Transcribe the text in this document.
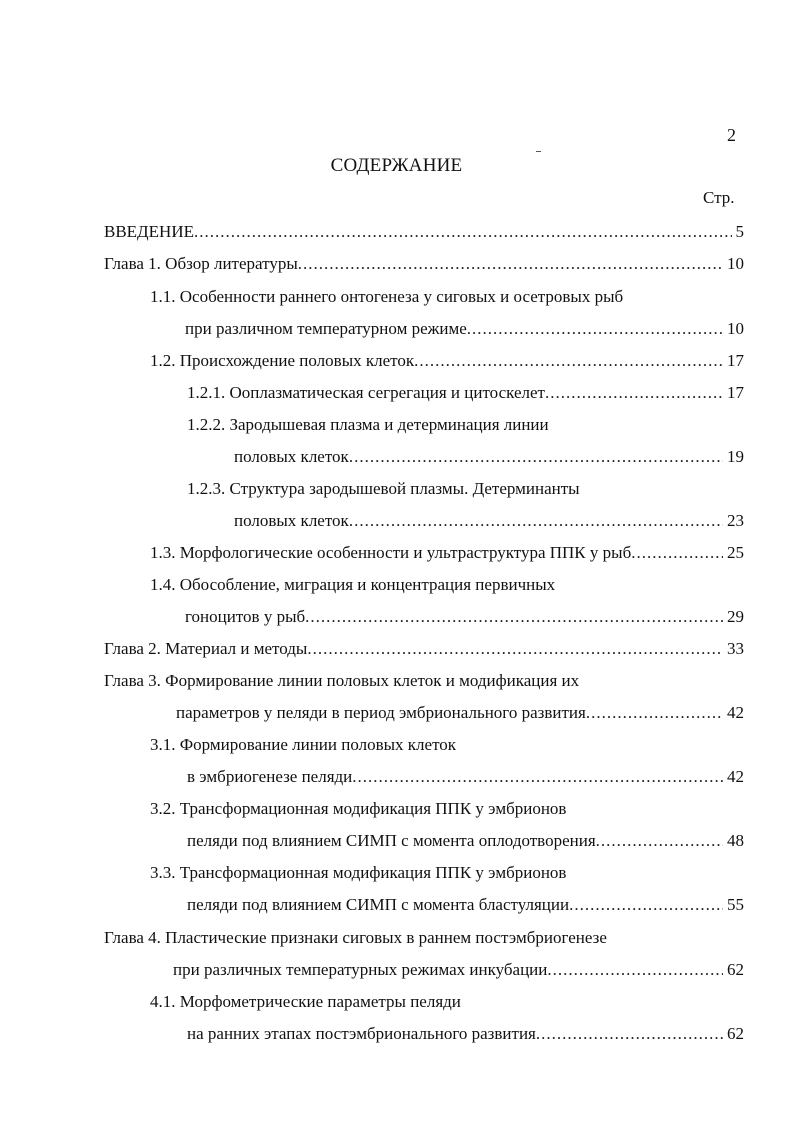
2
СОДЕРЖАНИЕ
Стр.
ВВЕДЕНИЕ .....	5
Глава 1. Обзор литературы .....	10
1.1. Особенности раннего онтогенеза у сиговых и осетровых рыб
при различном температурном режиме .....	10
1.2. Происхождение половых клеток .....	17
1.2.1. Ооплазматическая сегрегация и цитоскелет .....	17
1.2.2. Зародышевая плазма и детерминация линии
половых клеток .....	19
1.2.3. Структура зародышевой плазмы. Детерминанты
половых клеток .....	23
1.3. Морфологические особенности и ультраструктура ППК у рыб .....	25
1.4. Обособление, миграция и концентрация первичных
гоноцитов у рыб .....	29
Глава 2. Материал и методы .....	33
Глава 3. Формирование линии половых клеток и модификация их
параметров у пеляди в период эмбрионального развития .....	42
3.1. Формирование линии половых клеток
в эмбриогенезе пеляди .....	42
3.2. Трансформационная модификация ППК у эмбрионов
пеляди под влиянием СИМП с момента оплодотворения .....	48
3.3. Трансформационная модификация ППК у эмбрионов
пеляди под влиянием СИМП с момента бластуляции .....	55
Глава 4. Пластические признаки сиговых в раннем постэмбриогенезе
при различных температурных режимах инкубации .....	62
4.1. Морфометрические параметры пеляди
на ранних этапах постэмбрионального развития .....	62
